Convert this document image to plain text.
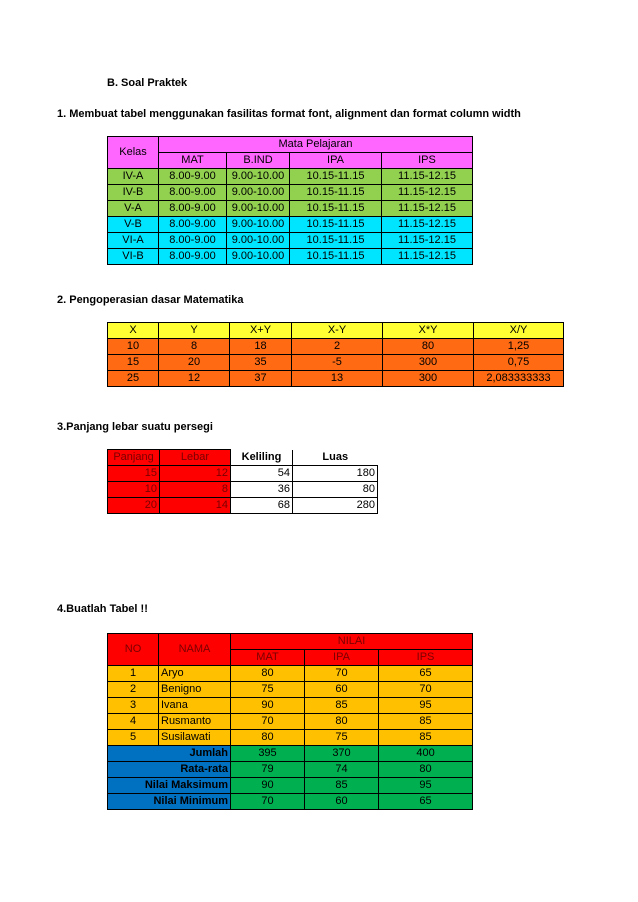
B. Soal Praktek
1. Membuat tabel menggunakan fasilitas format font, alignment dan format column width
Kelas	Mata Pelajaran			
	MAT	B.IND	IPA	IPS
IV-A	8.00-9.00	9.00-10.00	10.15-11.15	11.15-12.15
IV-B	8.00-9.00	9.00-10.00	10.15-11.15	11.15-12.15
V-A	8.00-9.00	9.00-10.00	10.15-11.15	11.15-12.15
V-B	8.00-9.00	9.00-10.00	10.15-11.15	11.15-12.15
VI-A	8.00-9.00	9.00-10.00	10.15-11.15	11.15-12.15
VI-B	8.00-9.00	9.00-10.00	10.15-11.15	11.15-12.15
2. Pengoperasian dasar Matematika
X	Y	X+Y	X-Y	X*Y	X/Y
10	8	18	2	80	1,25
15	20	35	-5	300	0,75
25	12	37	13	300	2,083333333
3.Panjang lebar suatu persegi
Panjang	Lebar	Keliling	Luas
15	12	54	180
10	8	36	80
20	14	68	280
4.Buatlah Tabel !!
NO	NAMA	NILAI		
		MAT	IPA	IPS
1	Aryo	80	70	65
2	Benigno	75	60	70
3	Ivana	90	85	95
4	Rusmanto	70	80	85
5	Susilawati	80	75	85
Jumlah		395	370	400
Rata-rata		79	74	80
Nilai Maksimum		90	85	95
Nilai Minimum		70	60	65
